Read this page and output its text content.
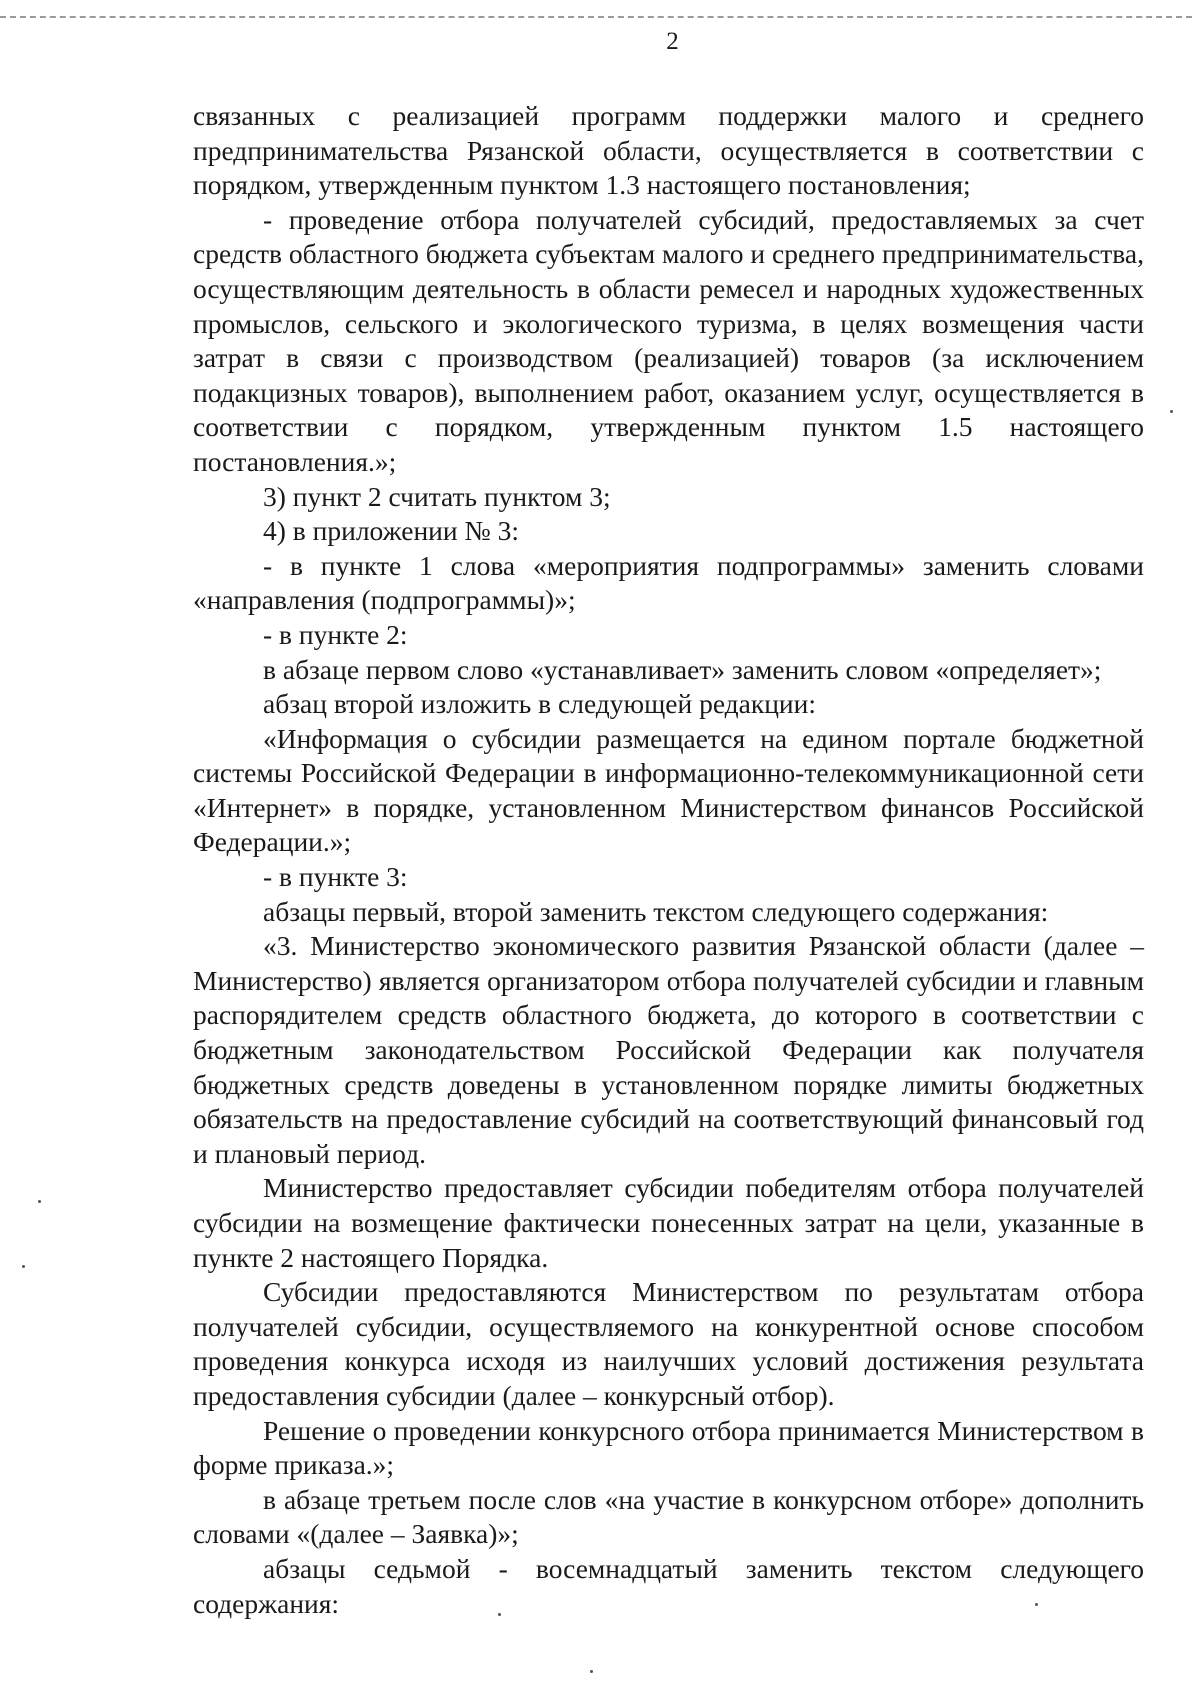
2

связанных с реализацией программ поддержки малого и среднего предпринимательства Рязанской области, осуществляется в соответствии с порядком, утвержденным пунктом 1.3 настоящего постановления;

- проведение отбора получателей субсидий, предоставляемых за счет средств областного бюджета субъектам малого и среднего предпринимательства, осуществляющим деятельность в области ремесел и народных художественных промыслов, сельского и экологического туризма, в целях возмещения части затрат в связи с производством (реализацией) товаров (за исключением подакцизных товаров), выполнением работ, оказанием услуг, осуществляется в соответствии с порядком, утвержденным пунктом 1.5 настоящего постановления.»;

3) пункт 2 считать пунктом 3;

4) в приложении № 3:

- в пункте 1 слова «мероприятия подпрограммы» заменить словами «направления (подпрограммы)»;

- в пункте 2:

в абзаце первом слово «устанавливает» заменить словом «определяет»;

абзац второй изложить в следующей редакции:

«Информация о субсидии размещается на едином портале бюджетной системы Российской Федерации в информационно-телекоммуникационной сети «Интернет» в порядке, установленном Министерством финансов Российской Федерации.»;

- в пункте 3:

абзацы первый, второй заменить текстом следующего содержания:

«3. Министерство экономического развития Рязанской области (далее – Министерство) является организатором отбора получателей субсидии и главным распорядителем средств областного бюджета, до которого в соответствии с бюджетным законодательством Российской Федерации как получателя бюджетных средств доведены в установленном порядке лимиты бюджетных обязательств на предоставление субсидий на соответствующий финансовый год и плановый период.

Министерство предоставляет субсидии победителям отбора получателей субсидии на возмещение фактически понесенных затрат на цели, указанные в пункте 2 настоящего Порядка.

Субсидии предоставляются Министерством по результатам отбора получателей субсидии, осуществляемого на конкурентной основе способом проведения конкурса исходя из наилучших условий достижения результата предоставления субсидии (далее – конкурсный отбор).

Решение о проведении конкурсного отбора принимается Министерством в форме приказа.»;

в абзаце третьем после слов «на участие в конкурсном отборе» дополнить словами «(далее – Заявка)»;

абзацы седьмой - восемнадцатый заменить текстом следующего содержания:
